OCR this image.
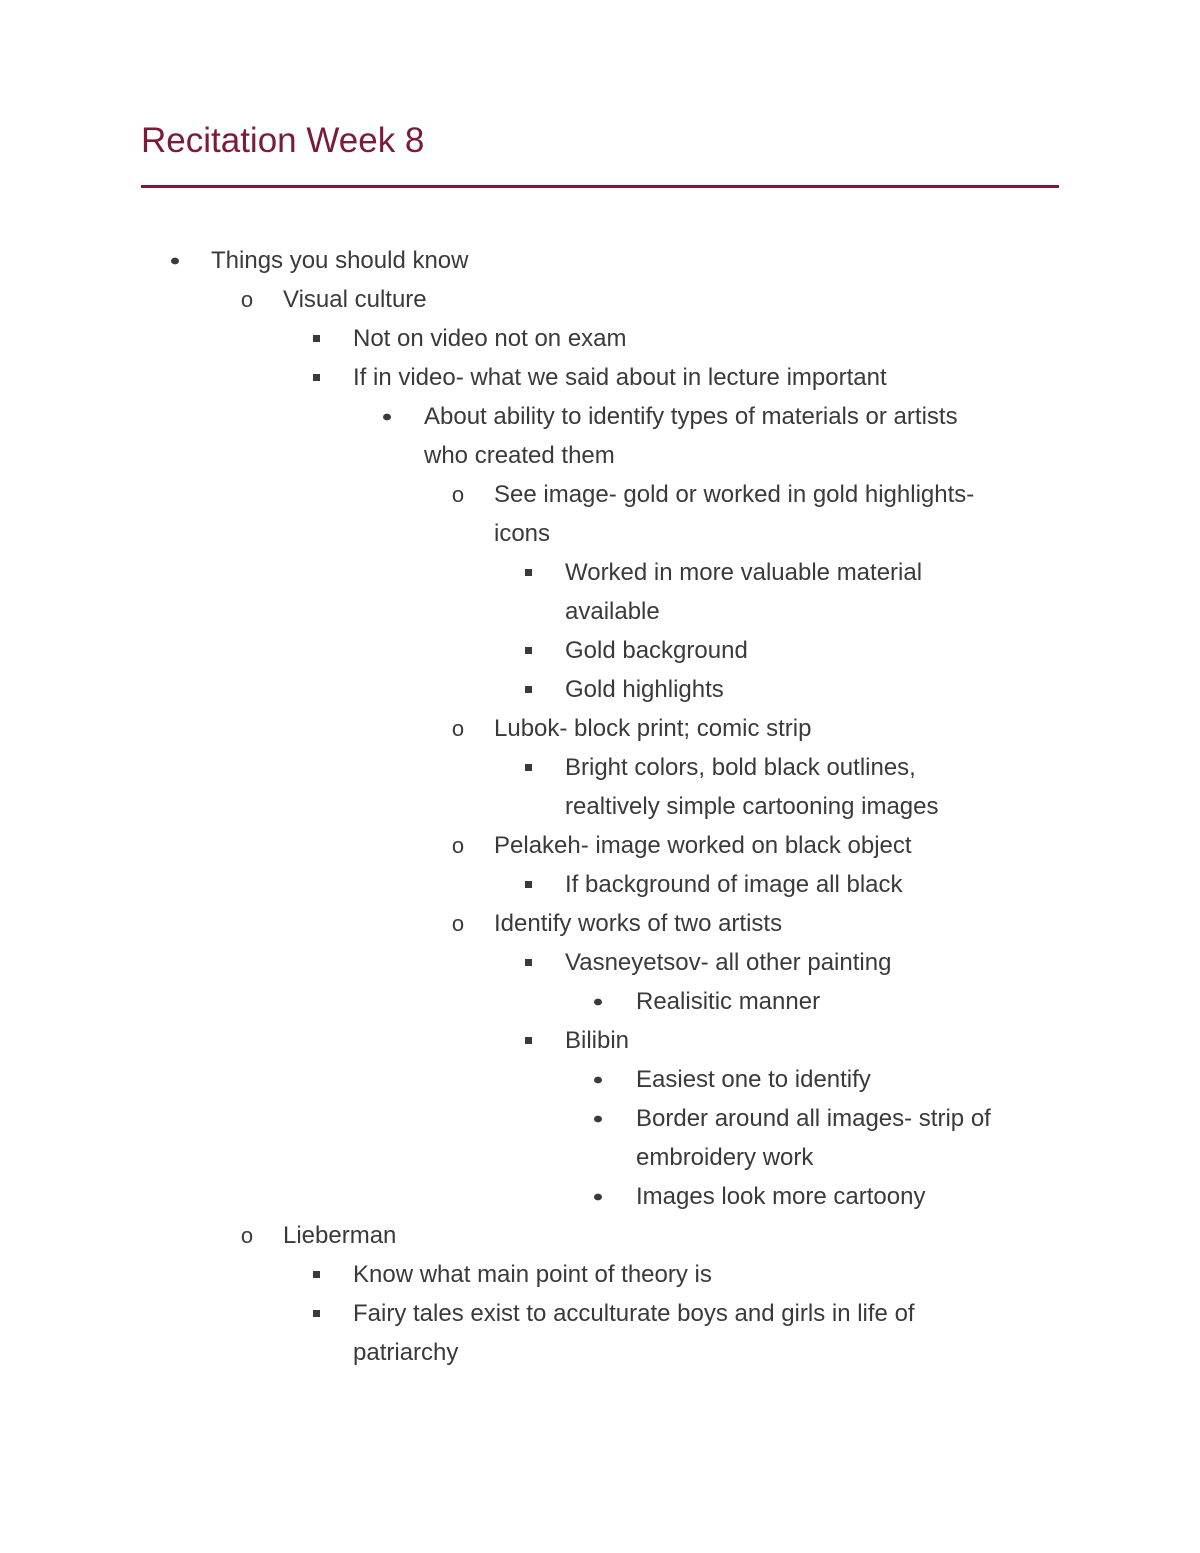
Recitation Week 8
Things you should know
o Visual culture
Not on video not on exam
If in video- what we said about in lecture important
About ability to identify types of materials or artists
who created them
o See image- gold or worked in gold highlights-
icons
Worked in more valuable material
available
Gold background
Gold highlights
o Lubok- block print; comic strip
Bright colors, bold black outlines,
realtively simple cartooning images
o Pelakeh- image worked on black object
If background of image all black
o Identify works of two artists
Vasneyetsov- all other painting
Realisitic manner
Bilibin
Easiest one to identify
Border around all images- strip of
embroidery work
Images look more cartoony
o Lieberman
Know what main point of theory is
Fairy tales exist to acculturate boys and girls in life of
patriarchy
